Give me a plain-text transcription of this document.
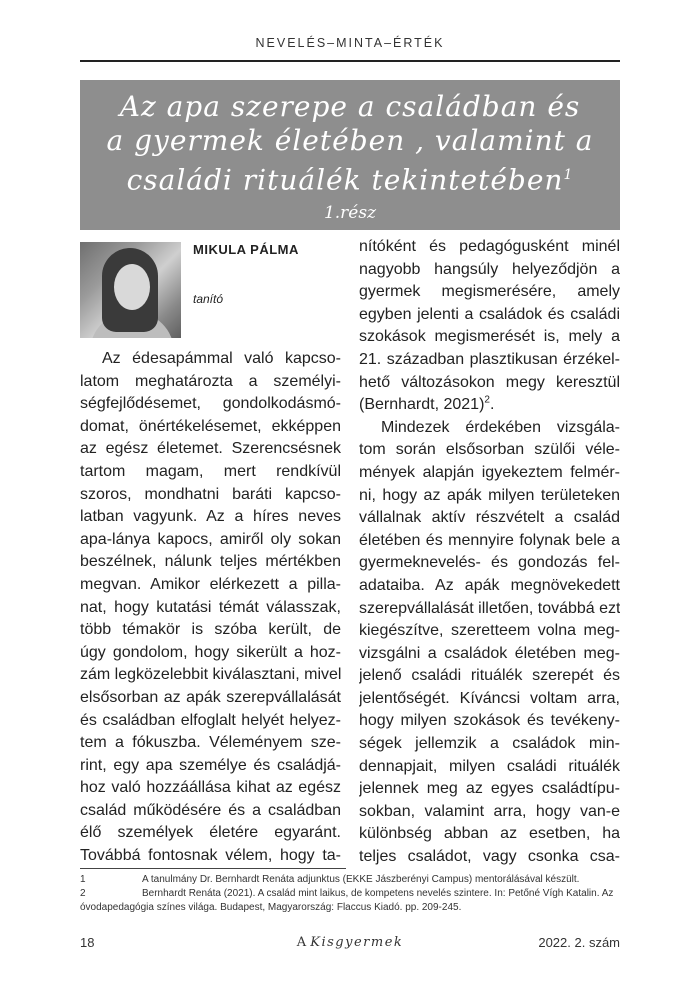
NEVELÉS–MINTA–ÉRTÉK
Az apa szerepe a családban és
a gyermek életében , valamint a
családi rituálék tekintetében$^1$
1.rész
MIKULA PÁLMA
tanító
Az édesapámmal való kapcso-
latom meghatározta a személyi-
ségfejlődésemet, gondolkodásmó-
domat, önértékelésemet, ekképpen
az egész életemet. Szerencsésnek
tartom magam, mert rendkívül
szoros, mondhatni baráti kapcso-
latban vagyunk. Az a híres neves
apa-lánya kapocs, amiről oly sokan
beszélnek, nálunk teljes mértékben
megvan. Amikor elérkezett a pilla-
nat, hogy kutatási témát válasszak,
több témakör is szóba került, de
úgy gondolom, hogy sikerült a hoz-
zám legközelebbit kiválasztani, mivel
elsősorban az apák szerepvállalását
és családban elfoglalt helyét helyez-
tem a fókuszba. Véleményem sze-
rint, egy apa személye és családjá-
hoz való hozzáállása kihat az egész
család működésére és a családban
élő személyek életére egyaránt.
Továbbá fontosnak vélem, hogy ta-
nítóként és pedagógusként minél
nagyobb hangsúly helyeződjön a
gyermek megismerésére, amely
egyben jelenti a családok és családi
szokások megismerését is, mely a
21. században plasztikusan érzékel-
hető változásokon megy keresztül
(Bernhardt, 2021)$^2$.
Mindezek érdekében vizsgála-
tom során elsősorban szülői véle-
mények alapján igyekeztem felmér-
ni, hogy az apák milyen területeken
vállalnak aktív részvételt a család
életében és mennyire folynak bele a
gyermeknevelés- és gondozás fel-
adataiba. Az apák megnövekedett
szerepvállalását illetően, továbbá ezt
kiegészítve, szeretteem volna meg-
vizsgálni a családok életében meg-
jelenő családi rituálék szerepét és
jelentőségét. Kíváncsi voltam arra,
hogy milyen szokások és tevékeny-
ségek jellemzik a családok min-
dennapjait, milyen családi rituálék
jelennek meg az egyes családtípu-
sokban, valamint arra, hogy van-e
különbség abban az esetben, ha
teljes családot, vagy csonka csa-
1	A tanulmány Dr. Bernhardt Renáta adjunktus (EKKE Jászberényi Campus) mentorálásával készült.
2	Bernhardt Renáta (2021). A család mint laikus, de kompetens nevelés szintere. In: Petőné Vígh Katalin. Az
óvodapedagógia színes világa. Budapest, Magyarország: Flaccus Kiadó. pp. 209-245.
18	A Kisgyermek	2022. 2. szám
